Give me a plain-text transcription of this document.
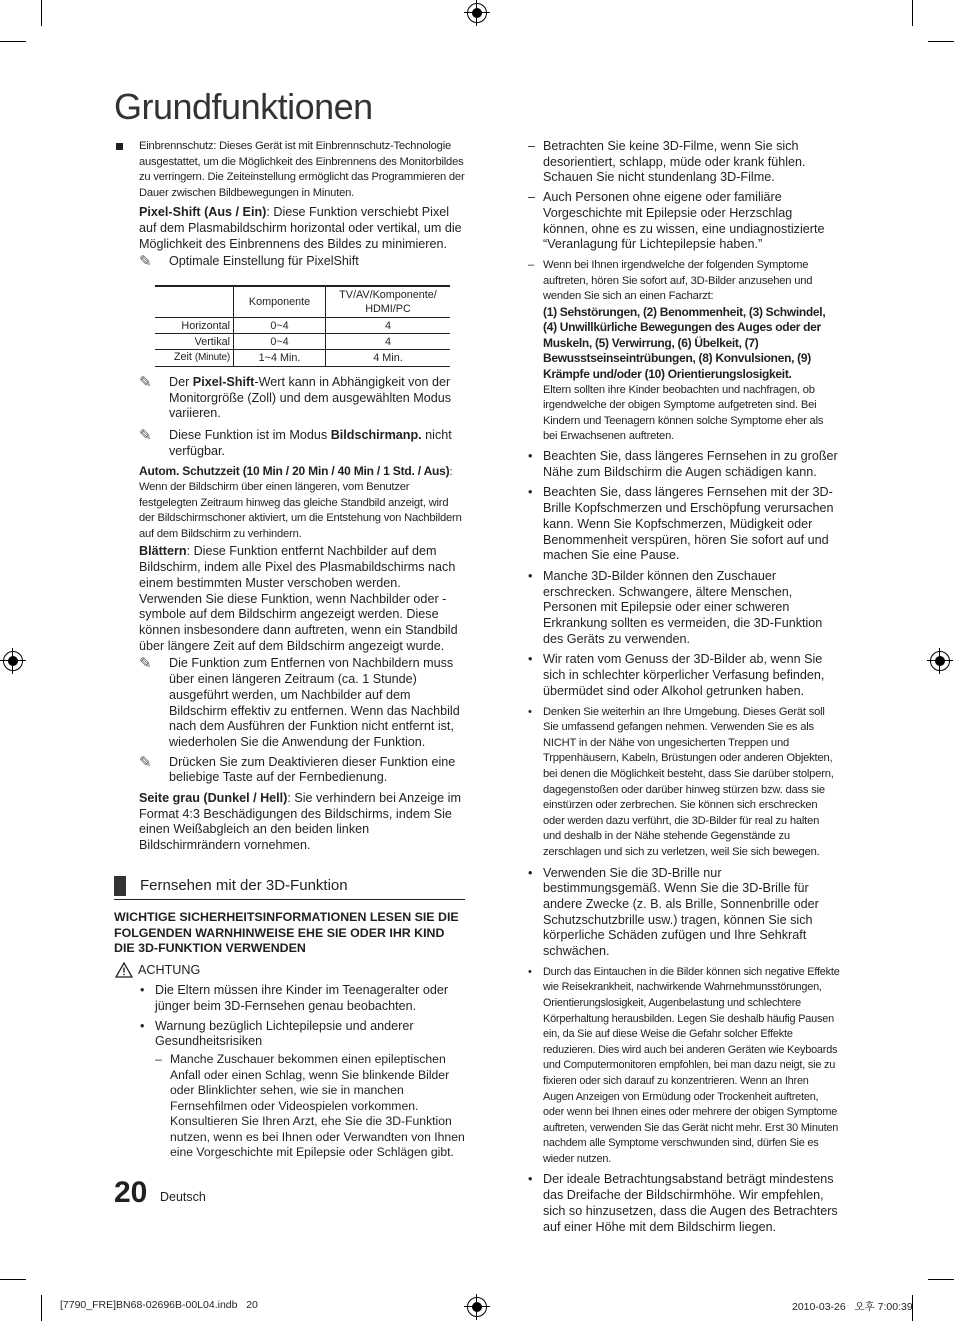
Grundfunktionen

Einbrennschutz: Dieses Gerät ist mit Einbrennschutz-Technologie ausgestattet, um die Möglichkeit des Einbrennens des Monitorbildes zu verringern. Die Zeiteinstellung ermöglicht das Programmieren der Dauer zwischen Bildbewegungen in Minuten.

Pixel-Shift (Aus / Ein): Diese Funktion verschiebt Pixel auf dem Plasmabildschirm horizontal oder vertikal, um die Möglichkeit des Einbrennens des Bildes zu minimieren.

✎ Optimale Einstellung für PixelShift

	Komponente	TV/AV/Komponente/ HDMI/PC
Horizontal	0~4	4
Vertikal	0~4	4
Zeit (Minute)	1~4 Min.	4 Min.

✎ Der Pixel-Shift-Wert kann in Abhängigkeit von der Monitorgröße (Zoll) und dem ausgewählten Modus variieren.

✎ Diese Funktion ist im Modus Bildschirmanp. nicht verfügbar.

Autom. Schutzzeit (10 Min / 20 Min / 40 Min / 1 Std. / Aus): Wenn der Bildschirm über einen längeren, vom Benutzer festgelegten Zeitraum hinweg das gleiche Standbild anzeigt, wird der Bildschirmschoner aktiviert, um die Entstehung von Nachbildern auf dem Bildschirm zu verhindern.

Blättern: Diese Funktion entfernt Nachbilder auf dem Bildschirm, indem alle Pixel des Plasmabildschirms nach einem bestimmten Muster verschoben werden. Verwenden Sie diese Funktion, wenn Nachbilder oder -symbole auf dem Bildschirm angezeigt werden. Diese können insbesondere dann auftreten, wenn ein Standbild über längere Zeit auf dem Bildschirm angezeigt wurde.

✎ Die Funktion zum Entfernen von Nachbildern muss über einen längeren Zeitraum (ca. 1 Stunde) ausgeführt werden, um Nachbilder auf dem Bildschirm effektiv zu entfernen. Wenn das Nachbild nach dem Ausführen der Funktion nicht entfernt ist, wiederholen Sie die Anwendung der Funktion.

✎ Drücken Sie zum Deaktivieren dieser Funktion eine beliebige Taste auf der Fernbedienung.

Seite grau (Dunkel / Hell): Sie verhindern bei Anzeige im Format 4:3 Beschädigungen des Bildschirms, indem Sie einen Weißabgleich an den beiden linken Bildschirmrändern vornehmen.

Fernsehen mit der 3D-Funktion

WICHTIGE SICHERHEITSINFORMATIONEN LESEN SIE DIE FOLGENDEN WARNHINWEISE EHE SIE ODER IHR KIND DIE 3D-FUNKTION VERWENDEN

ACHTUNG

• Die Eltern müssen ihre Kinder im Teenageralter oder jünger beim 3D-Fernsehen genau beobachten.

• Warnung bezüglich Lichtepilepsie und anderer Gesundheitsrisiken

– Manche Zuschauer bekommen einen epileptischen Anfall oder einen Schlag, wenn Sie blinkende Bilder oder Blinklichter sehen, wie sie in manchen Fernsehfilmen oder Videospielen vorkommen. Konsultieren Sie Ihren Arzt, ehe Sie die 3D-Funktion nutzen, wenn es bei Ihnen oder Verwandten von Ihnen eine Vorgeschichte mit Epilepsie oder Schlägen gibt.

– Betrachten Sie keine 3D-Filme, wenn Sie sich desorientiert, schlapp, müde oder krank fühlen. Schauen Sie nicht stundenlang 3D-Filme.

– Auch Personen ohne eigene oder familiäre Vorgeschichte mit Epilepsie oder Herzschlag können, ohne es zu wissen, eine undiagnostizierte “Veranlagung für Lichtepilepsie haben.”

– Wenn bei Ihnen irgendwelche der folgenden Symptome auftreten, hören Sie sofort auf, 3D-Bilder anzusehen und wenden Sie sich an einen Facharzt:

(1) Sehstörungen, (2) Benommenheit, (3) Schwindel, (4) Unwillkürliche Bewegungen des Auges oder der Muskeln, (5) Verwirrung, (6) Übelkeit, (7) Bewusstseinseintrübungen, (8) Konvulsionen, (9) Krämpfe und/oder (10) Orientierungslosigkeit.

Eltern sollten ihre Kinder beobachten und nachfragen, ob irgendwelche der obigen Symptome aufgetreten sind. Bei Kindern und Teenagern können solche Symptome eher als bei Erwachsenen auftreten.

• Beachten Sie, dass längeres Fernsehen in zu großer Nähe zum Bildschirm die Augen schädigen kann.

• Beachten Sie, dass längeres Fernsehen mit der 3D-Brille Kopfschmerzen und Erschöpfung verursachen kann. Wenn Sie Kopfschmerzen, Müdigkeit oder Benommenheit verspüren, hören Sie sofort auf und machen Sie eine Pause.

• Manche 3D-Bilder können den Zuschauer erschrecken. Schwangere, ältere Menschen, Personen mit Epilepsie oder einer schweren Erkrankung sollten es vermeiden, die 3D-Funktion des Geräts zu verwenden.

• Wir raten vom Genuss der 3D-Bilder ab, wenn Sie sich in schlechter körperlicher Verfasung befinden, übermüdet sind oder Alkohol getrunken haben.

• Denken Sie weiterhin an Ihre Umgebung. Dieses Gerät soll Sie umfassend gefangen nehmen. Verwenden Sie es als NICHT in der Nähe von ungesicherten Treppen und Trppenhäusern, Kabeln, Brüstungen oder anderen Objekten, bei denen die Möglichkeit besteht, dass Sie darüber stolpern, dagegenstoßen oder darüber hinweg stürzen bzw. dass sie einstürzen oder zerbrechen. Sie können sich erschrecken oder werden dazu verführt, die 3D-Bilder für real zu halten und deshalb in der Nähe stehende Gegenstände zu zerschlagen und sich zu verletzen, weil Sie sich bewegen.

• Verwenden Sie die 3D-Brille nur bestimmungsgemäß. Wenn Sie die 3D-Brille für andere Zwecke (z. B. als Brille, Sonnenbrille oder Schutzschutzbrille usw.) tragen, können Sie sich körperliche Schäden zufügen und Ihre Sehkraft schwächen.

• Durch das Eintauchen in die Bilder können sich negative Effekte wie Reisekrankheit, nachwirkende Wahrnehmunsstörungen, Orientierungslosigkeit, Augenbelastung und schlechtere Körperhaltung herausbilden. Legen Sie deshalb häufig Pausen ein, da Sie auf diese Weise die Gefahr solcher Effekte reduzieren. Dies wird auch bei anderen Geräten wie Keyboards und Computermonitoren empfohlen, bei man dazu neigt, sie zu fixieren oder sich darauf zu konzentrieren. Wenn an Ihren Augen Anzeigen von Ermüdung oder Trockenheit auftreten, oder wenn bei Ihnen eines oder mehrere der obigen Symptome auftreten, verwenden Sie das Gerät nicht mehr. Erst 30 Minuten nachdem alle Symptome verschwunden sind, dürfen Sie es wieder nutzen.

• Der ideale Betrachtungsabstand beträgt mindestens das Dreifache der Bildschirmhöhe. Wir empfehlen, sich so hinzusetzen, dass die Augen des Betrachters auf einer Höhe mit dem Bildschirm liegen.

20 Deutsch
[7790_FRE]BN68-02696B-00L04.indb   20	2010-03-26   오후 7:00:39
